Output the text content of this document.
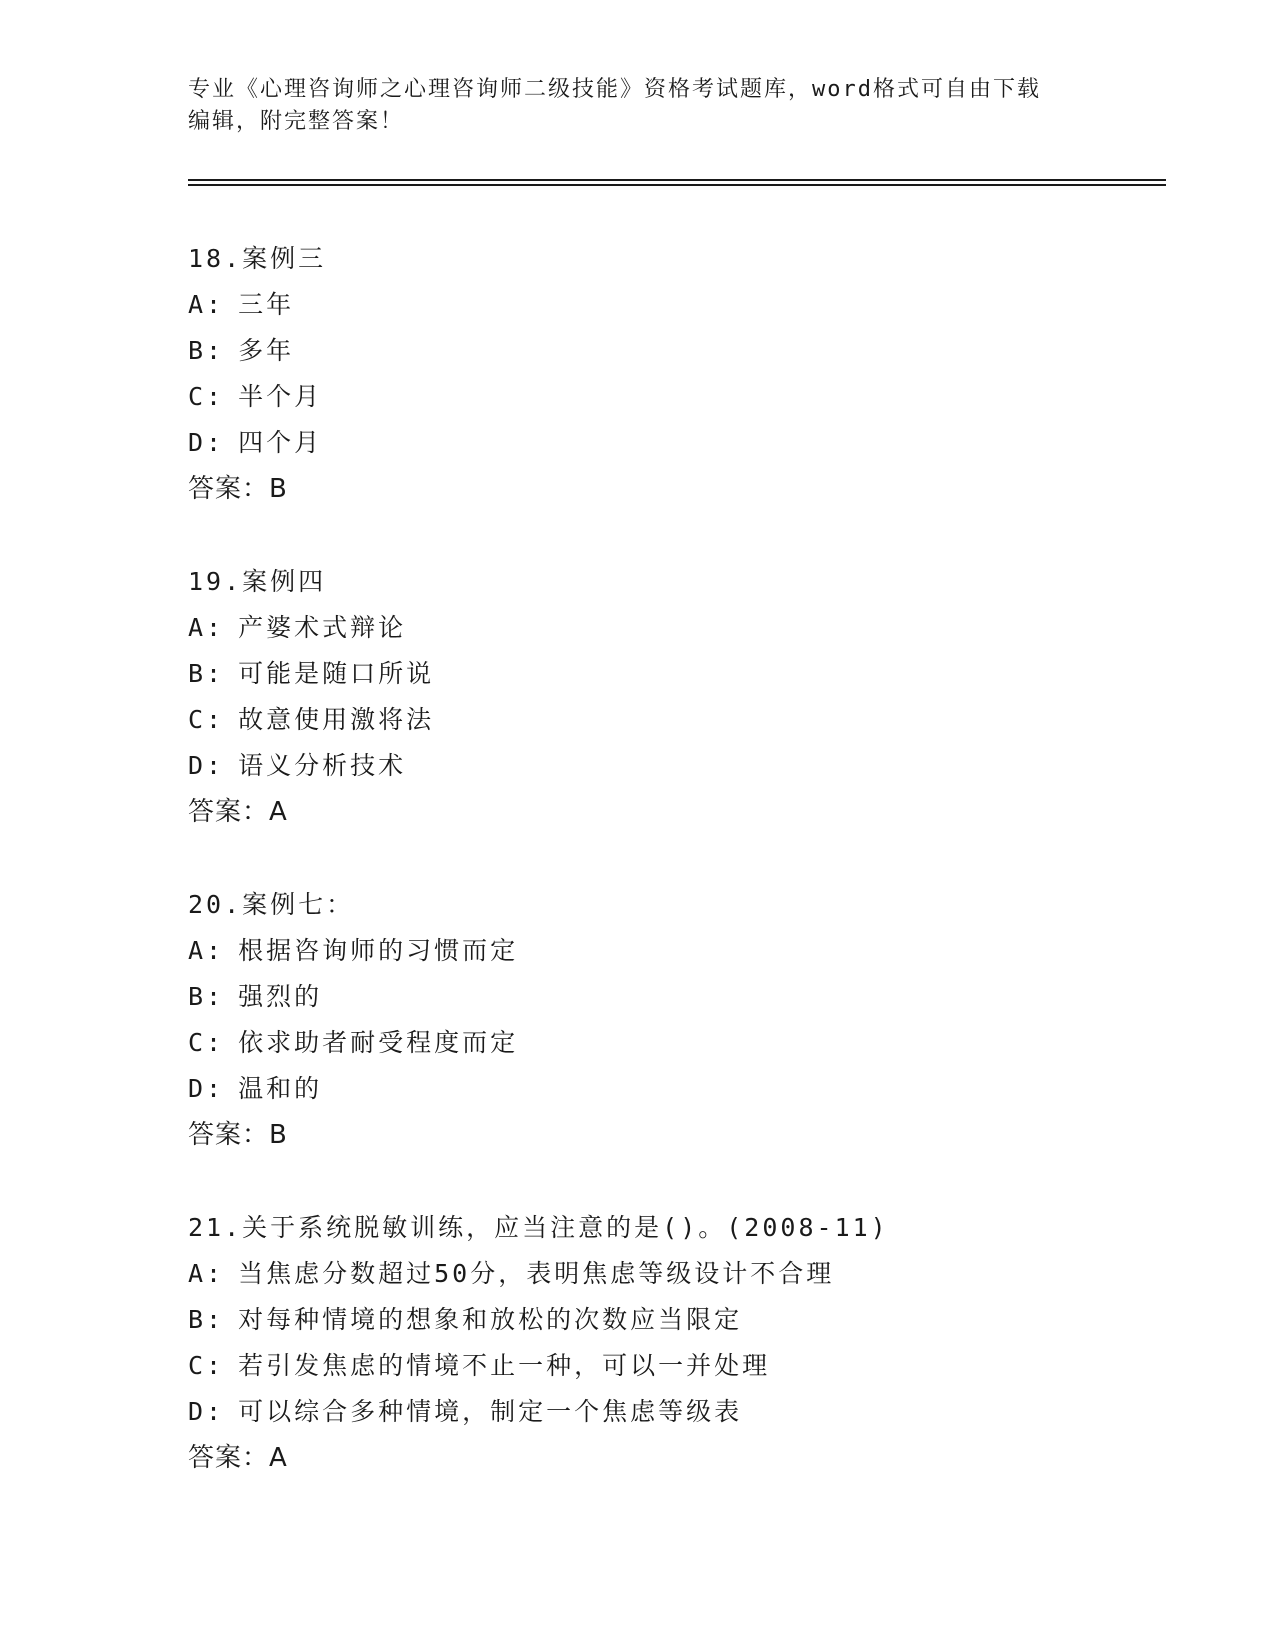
专业《心理咨询师之心理咨询师二级技能》资格考试题库，word格式可自由下载
编辑，附完整答案！
18.案例三
A: 三年
B: 多年
C: 半个月
D: 四个月
答案：B
19.案例四
A: 产婆术式辩论
B: 可能是随口所说
C: 故意使用激将法
D: 语义分析技术
答案：A
20.案例七：
A: 根据咨询师的习惯而定
B: 强烈的
C: 依求助者耐受程度而定
D: 温和的
答案：B
21.关于系统脱敏训练，应当注意的是()。(2008-11)
A: 当焦虑分数超过50分，表明焦虑等级设计不合理
B: 对每种情境的想象和放松的次数应当限定
C: 若引发焦虑的情境不止一种，可以一并处理
D: 可以综合多种情境，制定一个焦虑等级表
答案：A
